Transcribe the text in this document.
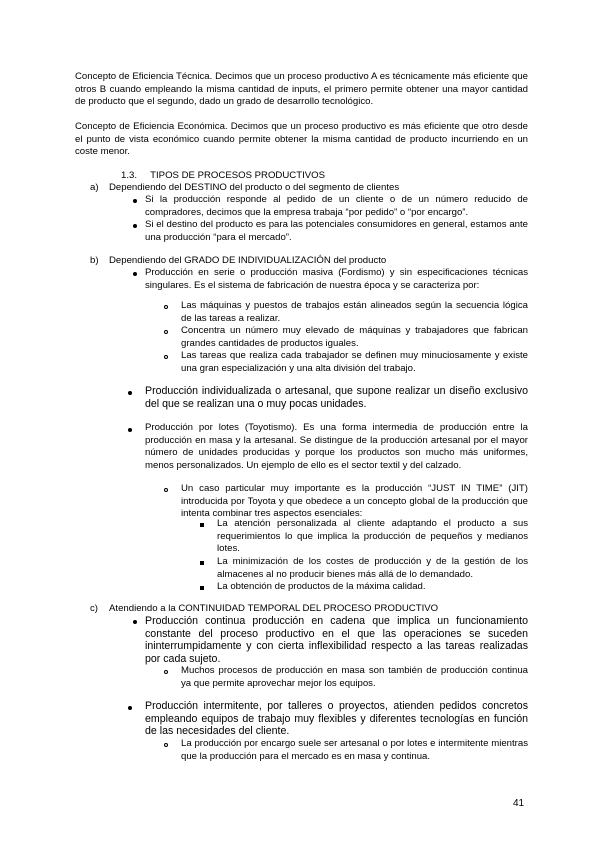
Concepto de Eficiencia Técnica. Decimos que un proceso productivo A es técnicamente más eficiente que otros B cuando empleando la misma cantidad de inputs, el primero permite obtener una mayor cantidad de producto que el segundo, dado un grado de desarrollo tecnológico.
Concepto de Eficiencia Económica. Decimos que un proceso productivo es más eficiente que otro desde el punto de vista económico cuando permite obtener la misma cantidad de producto incurriendo en un coste menor.
1.3.     TIPOS DE PROCESOS PRODUCTIVOS
a)	Dependiendo del DESTINO del producto o del segmento de clientes
Si la producción responde al pedido de un cliente o de un número reducido de compradores, decimos que la empresa trabaja “por pedido” o “por encargo”.
Si el destino del producto es para las potenciales consumidores en general, estamos ante una producción “para el mercado”.
b)	Dependiendo del GRADO DE INDIVIDUALIZACIÓN del producto
Producción en serie o producción masiva (Fordismo) y sin especificaciones técnicas singulares. Es el sistema de fabricación de nuestra época y se caracteriza por:
Las máquinas y puestos de trabajos están alineados según la secuencia lógica de las tareas a realizar.
Concentra un número muy elevado de máquinas y trabajadores que fabrican grandes cantidades de productos iguales.
Las tareas que realiza cada trabajador se definen muy minuciosamente y existe una gran especialización y una alta división del trabajo.
Producción individualizada o artesanal, que supone realizar un diseño exclusivo del que se realizan una o muy pocas unidades.
Producción por lotes (Toyotismo). Es una forma intermedia de producción entre la producción en masa y la artesanal. Se distingue de la producción artesanal por el mayor número de unidades producidas y porque los productos son mucho más uniformes, menos personalizados. Un ejemplo de ello es el sector textil y del calzado.
Un caso particular muy importante es la producción “JUST IN TIME” (JIT) introducida por Toyota y que obedece a un concepto global de la producción que intenta combinar tres aspectos esenciales:
La atención personalizada al cliente adaptando el producto a sus requerimientos lo que implica la producción de pequeños y medianos lotes.
La minimización de los costes de producción y de la gestión de los almacenes al no producir bienes más allá de lo demandado.
La obtención de productos de la máxima calidad.
c)	Atendiendo a la CONTINUIDAD TEMPORAL DEL PROCESO PRODUCTIVO
Producción continua producción en cadena que implica un funcionamiento constante del proceso productivo en el que las operaciones se suceden ininterrumpidamente y con cierta inflexibilidad respecto a las tareas realizadas por cada sujeto.
Muchos procesos de producción en masa son también de producción continua ya que permite aprovechar mejor los equipos.
Producción intermitente, por talleres o proyectos, atienden pedidos concretos empleando equipos de trabajo muy flexibles y diferentes tecnologías en función de las necesidades del cliente.
La producción por encargo suele ser artesanal o por lotes e intermitente mientras que la producción para el mercado es en masa y continua.
41
